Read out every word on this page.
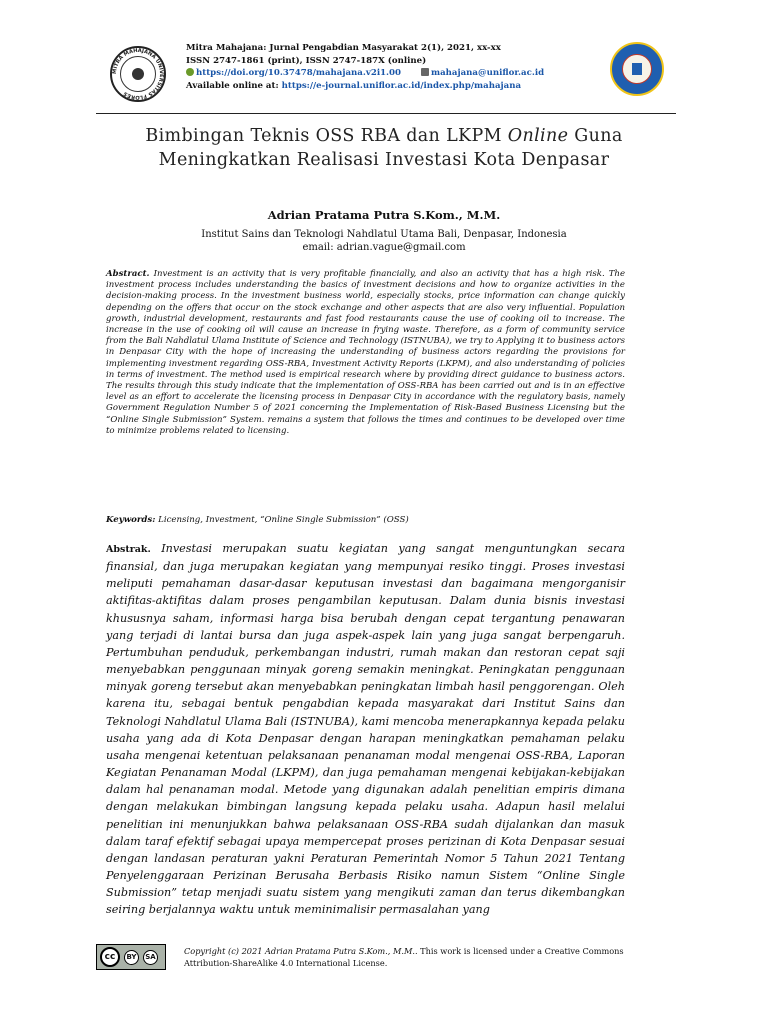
MITRA MAHAJANA UNIVERSITAS FLORES
Mitra Mahajana: Jurnal Pengabdian Masyarakat 2(1), 2021, xx-xx
ISSN 2747-1861 (print), ISSN 2747-187X (online)
https://doi.org/10.37478/mahajana.v2i1.00	mahajana@uniflor.ac.id
Available online at: https://e-journal.uniflor.ac.id/index.php/mahajana
Bimbingan Teknis OSS RBA dan LKPM Online Guna
Meningkatkan Realisasi Investasi Kota Denpasar
Adrian Pratama Putra S.Kom., M.M.
Institut Sains dan Teknologi Nahdlatul Utama Bali, Denpasar, Indonesia
email: adrian.vague@gmail.com
Abstract. Investment is an activity that is very profitable financially, and also an activity that has a high risk. The investment process includes understanding the basics of investment decisions and how to organize activities in the decision-making process. In the investment business world, especially stocks, price information can change quickly depending on the offers that occur on the stock exchange and other aspects that are also very influential. Population growth, industrial development, restaurants and fast food restaurants cause the use of cooking oil to increase. The increase in the use of cooking oil will cause an increase in frying waste. Therefore, as a form of community service from the Bali Nahdlatul Ulama Institute of Science and Technology (ISTNUBA), we try to Applying it to business actors in Denpasar City with the hope of increasing the understanding of business actors regarding the provisions for implementing investment regarding OSS-RBA, Investment Activity Reports (LKPM), and also understanding of policies in terms of investment. The method used is empirical research where by providing direct guidance to business actors. The results through this study indicate that the implementation of OSS-RBA has been carried out and is in an effective level as an effort to accelerate the licensing process in Denpasar City in accordance with the regulatory basis, namely Government Regulation Number 5 of 2021 concerning the Implementation of Risk-Based Business Licensing but the “Online Single Submission” System. remains a system that follows the times and continues to be developed over time to minimize problems related to licensing.
Keywords: Licensing, Investment, “Online Single Submission” (OSS)
Abstrak. Investasi merupakan suatu kegiatan yang sangat menguntungkan secara finansial, dan juga merupakan kegiatan yang mempunyai resiko tinggi. Proses investasi meliputi pemahaman dasar-dasar keputusan investasi dan bagaimana mengorganisir aktifitas-aktifitas dalam proses pengambilan keputusan. Dalam dunia bisnis investasi khususnya saham, informasi harga bisa berubah dengan cepat tergantung penawaran yang terjadi di lantai bursa dan juga aspek-aspek lain yang juga sangat berpengaruh. Pertumbuhan penduduk, perkembangan industri, rumah makan dan restoran cepat saji menyebabkan penggunaan minyak goreng semakin meningkat. Peningkatan penggunaan minyak goreng tersebut akan menyebabkan peningkatan limbah hasil penggorengan. Oleh karena itu, sebagai bentuk pengabdian kepada masyarakat dari Institut Sains dan Teknologi Nahdlatul Ulama Bali (ISTNUBA), kami mencoba menerapkannya kepada pelaku usaha yang ada di Kota Denpasar dengan harapan meningkatkan pemahaman pelaku usaha mengenai ketentuan pelaksanaan penanaman modal mengenai OSS-RBA, Laporan Kegiatan Penanaman Modal (LKPM), dan juga pemahaman mengenai kebijakan-kebijakan dalam hal penanaman modal. Metode yang digunakan adalah penelitian empiris dimana dengan melakukan bimbingan langsung kepada pelaku usaha. Adapun hasil melalui penelitian ini menunjukkan bahwa pelaksanaan OSS-RBA sudah dijalankan dan masuk dalam taraf efektif sebagai upaya mempercepat proses perizinan di Kota Denpasar sesuai dengan landasan peraturan yakni Peraturan Pemerintah Nomor 5 Tahun 2021 Tentang Penyelenggaraan Perizinan Berusaha Berbasis Risiko namun Sistem “Online Single Submission” tetap menjadi suatu sistem yang mengikuti zaman dan terus dikembangkan seiring berjalannya waktu untuk meminimalisir permasalahan yang
cc	BY	SA
Copyright (c) 2021 Adrian Pratama Putra S.Kom., M.M.. This work is licensed under a Creative Commons
Attribution-ShareAlike 4.0 International License.
